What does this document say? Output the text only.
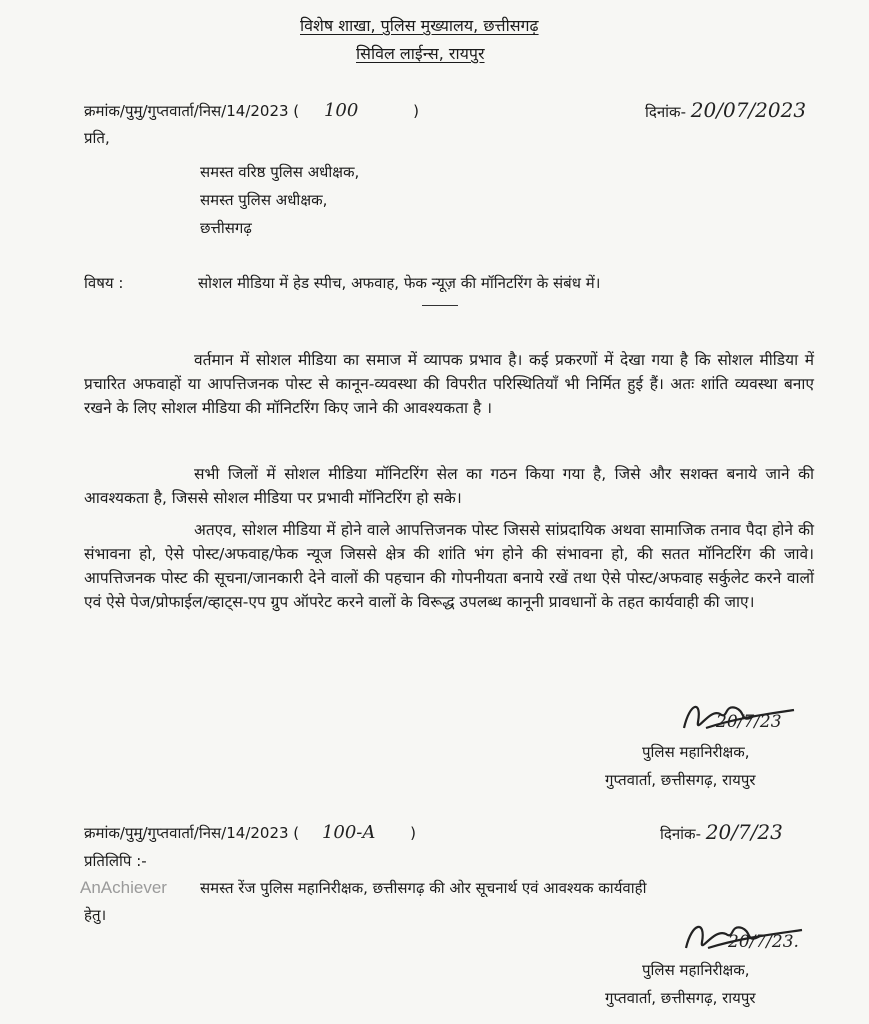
विशेष शाखा, पुलिस मुख्यालय, छत्तीसगढ़
सिविल लाईन्स, रायपुर
क्रमांक/पुमु/गुप्तवार्ता/निस/14/2023 ( 100	)	दिनांक- 20/07/2023
प्रति,
समस्त वरिष्ठ पुलिस अधीक्षक,
समस्त पुलिस अधीक्षक,
छत्तीसगढ़
विषय :	सोशल मीडिया में हेड स्पीच, अफवाह, फेक न्यूज़ की मॉनिटरिंग के संबंध में।
वर्तमान में सोशल मीडिया का समाज में व्यापक प्रभाव है। कई प्रकरणों में देखा गया है कि सोशल मीडिया में प्रचारित अफवाहों या आपत्तिजनक पोस्ट से कानून-व्यवस्था की विपरीत परिस्थितियाँ भी निर्मित हुई हैं। अतः शांति व्यवस्था बनाए रखने के लिए सोशल मीडिया की मॉनिटरिंग किए जाने की आवश्यकता है ।
सभी जिलों में सोशल मीडिया मॉनिटरिंग सेल का गठन किया गया है, जिसे और सशक्त बनाये जाने की आवश्यकता है, जिससे सोशल मीडिया पर प्रभावी मॉनिटरिंग हो सके।
अतएव, सोशल मीडिया में होने वाले आपत्तिजनक पोस्ट जिससे सांप्रदायिक अथवा सामाजिक तनाव पैदा होने की संभावना हो, ऐसे पोस्ट/अफवाह/फेक न्यूज जिससे क्षेत्र की शांति भंग होने की संभावना हो, की सतत मॉनिटरिंग की जावे। आपत्तिजनक पोस्ट की सूचना/जानकारी देने वालों की पहचान की गोपनीयता बनाये रखें तथा ऐसे पोस्ट/अफवाह सर्कुलेट करने वालों एवं ऐसे पेज/प्रोफाईल/व्हाट्स-एप ग्रुप ऑपरेट करने वालों के विरूद्ध उपलब्ध कानूनी प्रावधानों के तहत कार्यवाही की जाए।
20/7/23
पुलिस महानिरीक्षक,
गुप्तवार्ता, छत्तीसगढ़, रायपुर
क्रमांक/पुमु/गुप्तवार्ता/निस/14/2023 ( 100-A )	दिनांक- 20/7/23
प्रतिलिपि :-
AnAchiever समस्त रेंज पुलिस महानिरीक्षक, छत्तीसगढ़ की ओर सूचनार्थ एवं आवश्यक कार्यवाही
हेतु।
20/7/23.
पुलिस महानिरीक्षक,
गुप्तवार्ता, छत्तीसगढ़, रायपुर
